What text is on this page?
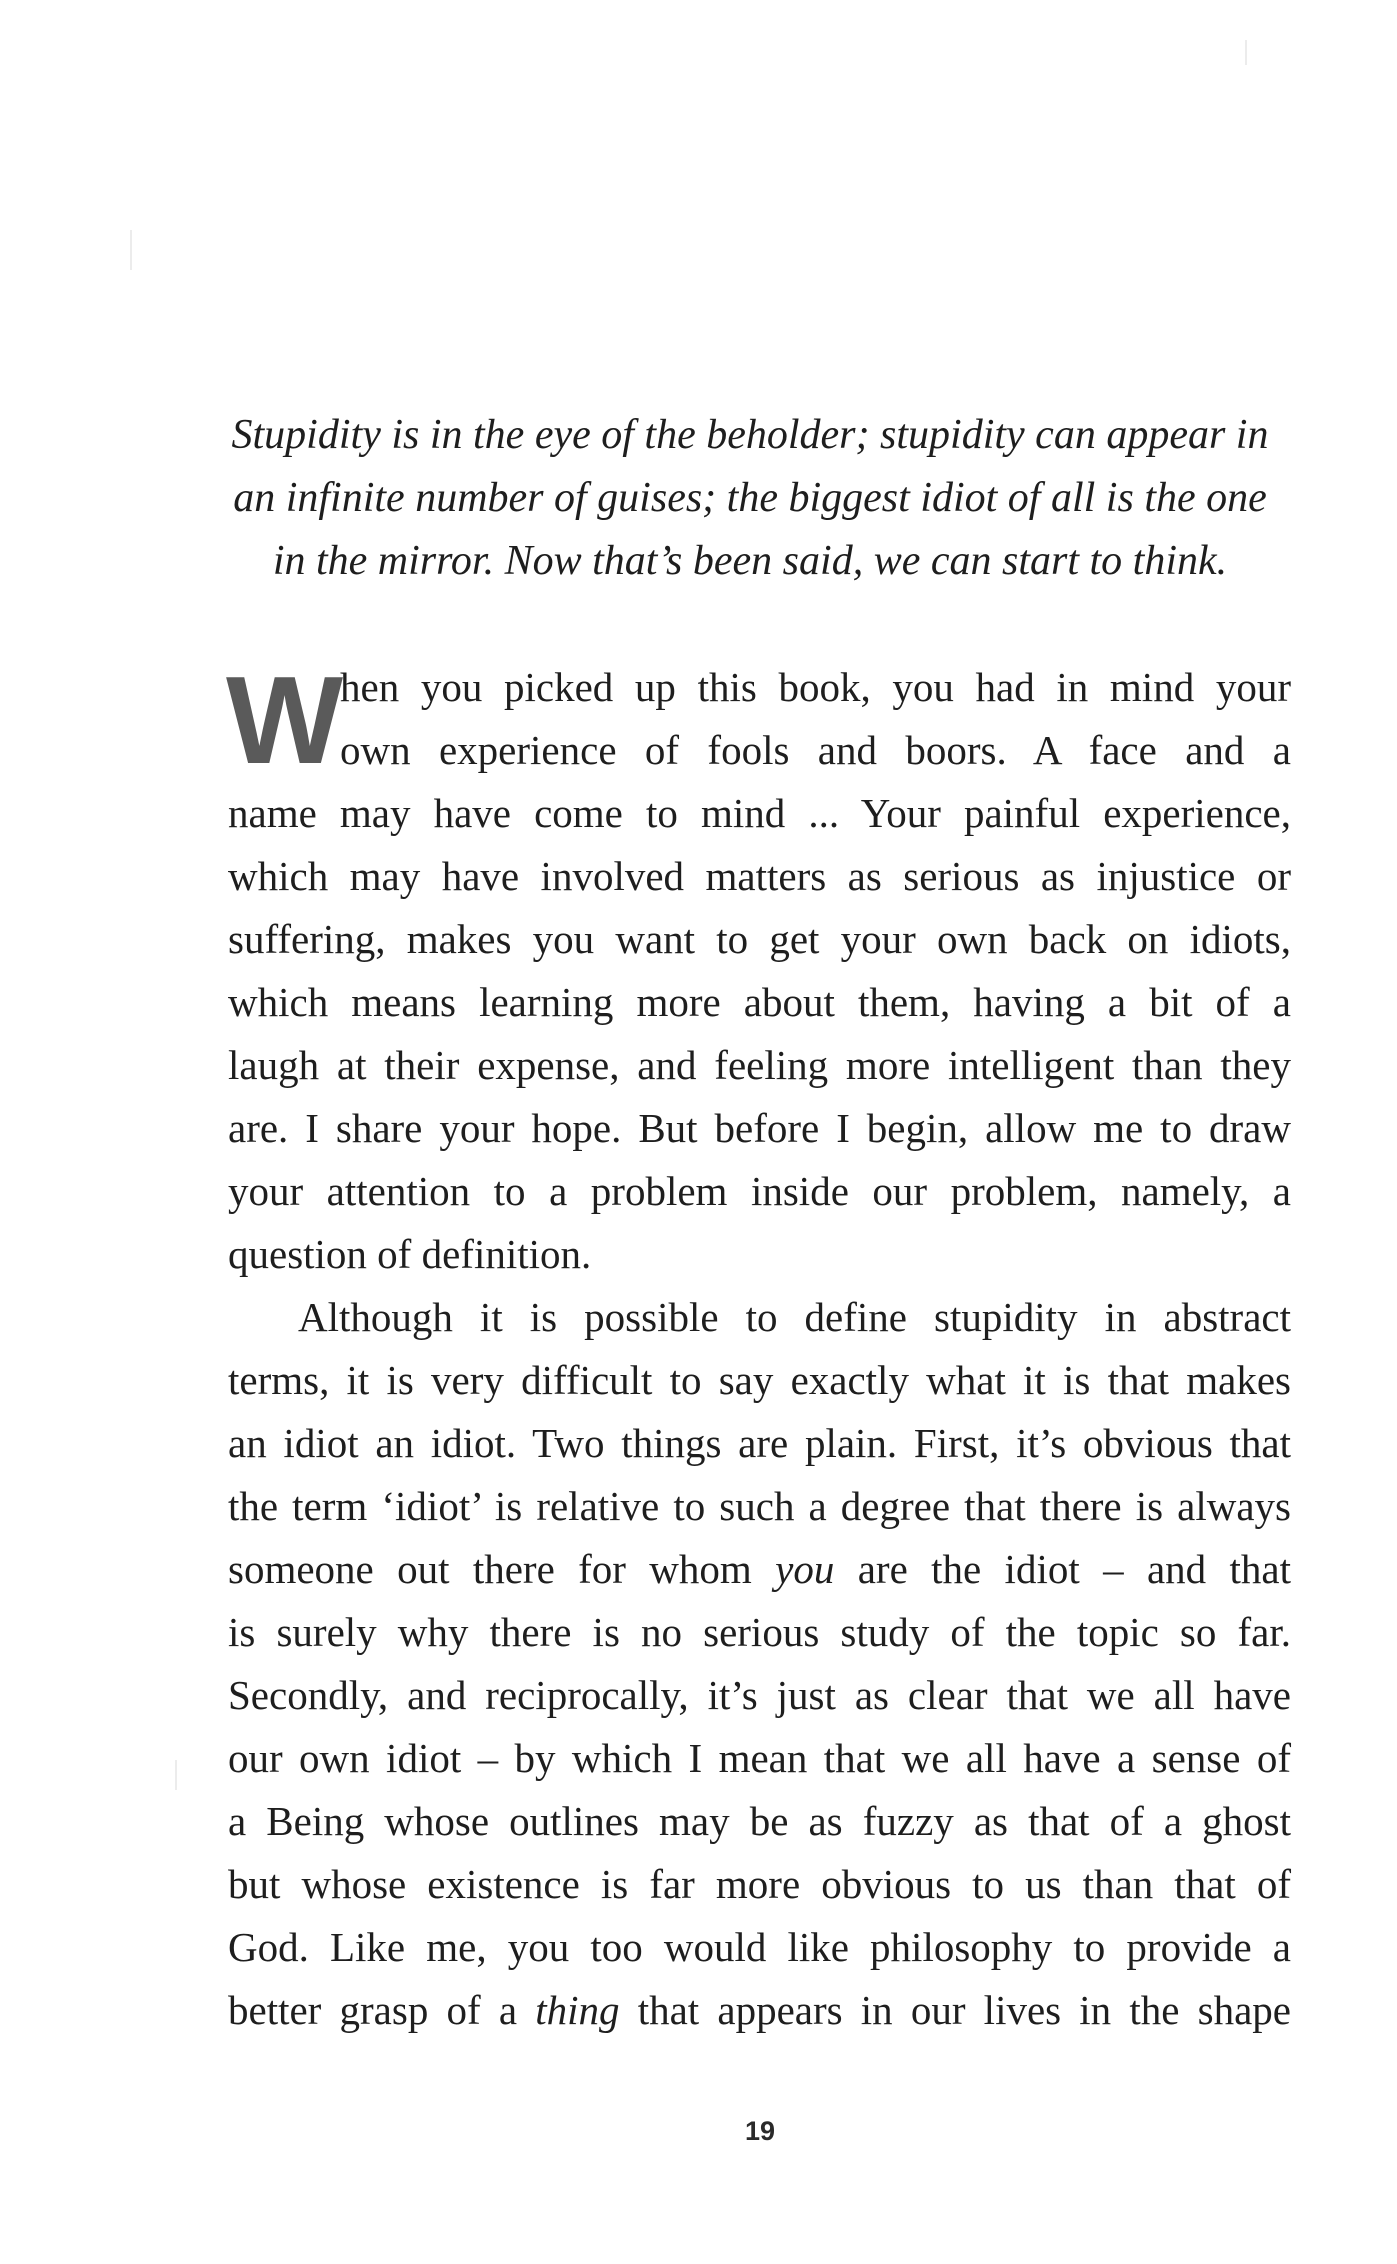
Stupidity is in the eye of the beholder; stupidity can appear in
an infinite number of guises; the biggest idiot of all is the one
in the mirror. Now that’s been said, we can start to think.
W
hen you picked up this book, you had in mind your
own experience of fools and boors. A face and a
name may have come to mind ... Your painful experience,
which may have involved matters as serious as injustice or
suffering, makes you want to get your own back on idiots,
which means learning more about them, having a bit of a
laugh at their expense, and feeling more intelligent than they
are. I share your hope. But before I begin, allow me to draw
your attention to a problem inside our problem, namely, a
question of definition.
Although it is possible to define stupidity in abstract
terms, it is very difficult to say exactly what it is that makes
an idiot an idiot. Two things are plain. First, it’s obvious that
the term ‘idiot’ is relative to such a degree that there is always
someone out there for whom you are the idiot – and that
is surely why there is no serious study of the topic so far.
Secondly, and reciprocally, it’s just as clear that we all have
our own idiot – by which I mean that we all have a sense of
a Being whose outlines may be as fuzzy as that of a ghost
but whose existence is far more obvious to us than that of
God. Like me, you too would like philosophy to provide a
better grasp of a thing that appears in our lives in the shape
19
